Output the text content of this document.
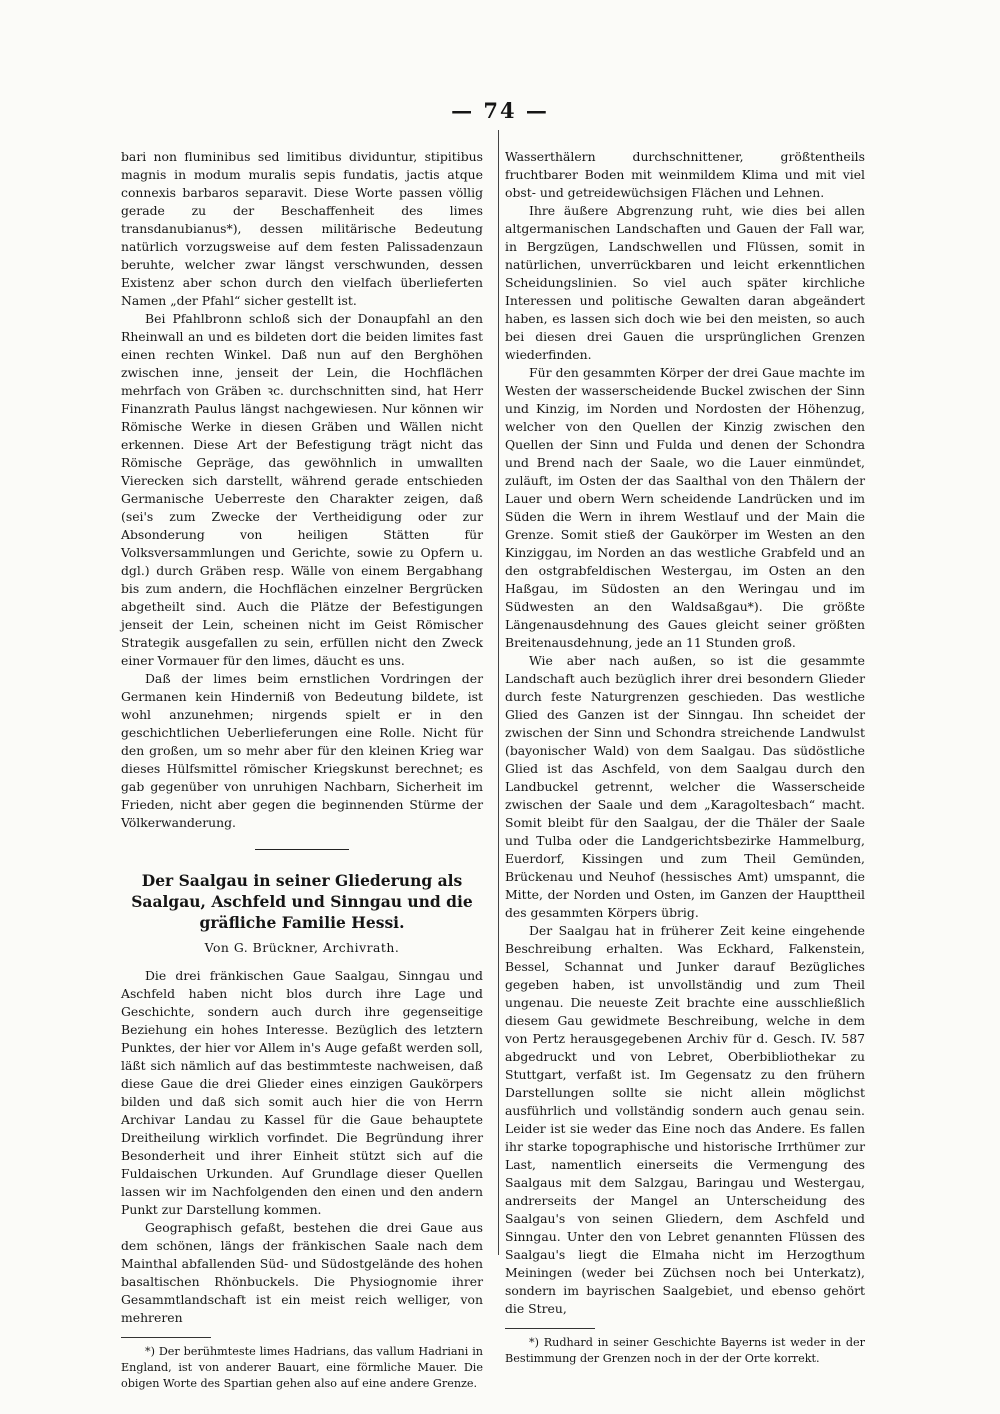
— 74 —

bari non fluminibus sed limitibus dividuntur, stipitibus magnis in modum muralis sepis fundatis, jactis atque connexis barbaros separavit. Diese Worte passen völlig gerade zu der Beschaffenheit des limes transdanubianus*), dessen militärische Bedeutung natürlich vorzugsweise auf dem festen Palissadenzaun beruhte, welcher zwar längst verschwunden, dessen Existenz aber schon durch den vielfach überlieferten Namen „der Pfahl“ sicher gestellt ist.

Bei Pfahlbronn schloß sich der Donaupfahl an den Rheinwall an und es bildeten dort die beiden limites fast einen rechten Winkel. Daß nun auf den Berghöhen zwischen inne, jenseit der Lein, die Hochflächen mehrfach von Gräben ꝛc. durchschnitten sind, hat Herr Finanzrath Paulus längst nachgewiesen. Nur können wir Römische Werke in diesen Gräben und Wällen nicht erkennen. Diese Art der Befestigung trägt nicht das Römische Gepräge, das gewöhnlich in umwallten Vierecken sich darstellt, während gerade entschieden Germanische Ueberreste den Charakter zeigen, daß (sei's zum Zwecke der Vertheidigung oder zur Absonderung von heiligen Stätten für Volksversammlungen und Gerichte, sowie zu Opfern u. dgl.) durch Gräben resp. Wälle von einem Bergabhang bis zum andern, die Hochflächen einzelner Bergrücken abgetheilt sind. Auch die Plätze der Befestigungen jenseit der Lein, scheinen nicht im Geist Römischer Strategik ausgefallen zu sein, erfüllen nicht den Zweck einer Vormauer für den limes, däucht es uns.

Daß der limes beim ernstlichen Vordringen der Germanen kein Hinderniß von Bedeutung bildete, ist wohl anzunehmen; nirgends spielt er in den geschichtlichen Ueberlieferungen eine Rolle. Nicht für den großen, um so mehr aber für den kleinen Krieg war dieses Hülfsmittel römischer Kriegskunst berechnet; es gab gegenüber von unruhigen Nachbarn, Sicherheit im Frieden, nicht aber gegen die beginnenden Stürme der Völkerwanderung.

Der Saalgau in seiner Gliederung als Saalgau, Aschfeld und Sinngau und die gräfliche Familie Hessi.
Von G. Brückner, Archivrath.

Die drei fränkischen Gaue Saalgau, Sinngau und Aschfeld haben nicht blos durch ihre Lage und Geschichte, sondern auch durch ihre gegenseitige Beziehung ein hohes Interesse. Bezüglich des letztern Punktes, der hier vor Allem in's Auge gefaßt werden soll, läßt sich nämlich auf das bestimmteste nachweisen, daß diese Gaue die drei Glieder eines einzigen Gaukörpers bilden und daß sich somit auch hier die von Herrn Archivar Landau zu Kassel für die Gaue behauptete Dreitheilung wirklich vorfindet. Die Begründung ihrer Besonderheit und ihrer Einheit stützt sich auf die Fuldaischen Urkunden. Auf Grundlage dieser Quellen lassen wir im Nachfolgenden den einen und den andern Punkt zur Darstellung kommen.

Geographisch gefaßt, bestehen die drei Gaue aus dem schönen, längs der fränkischen Saale nach dem Mainthal abfallenden Süd- und Südostgelände des hohen basaltischen Rhönbuckels. Die Physiognomie ihrer Gesammtlandschaft ist ein meist reich welliger, von mehreren

*) Der berühmteste limes Hadrians, das vallum Hadriani in England, ist von anderer Bauart, eine förmliche Mauer. Die obigen Worte des Spartian gehen also auf eine andere Grenze.

Wasserthälern durchschnittener, größtentheils fruchtbarer Boden mit weinmildem Klima und mit viel obst- und getreidewüchsigen Flächen und Lehnen.

Ihre äußere Abgrenzung ruht, wie dies bei allen altgermanischen Landschaften und Gauen der Fall war, in Bergzügen, Landschwellen und Flüssen, somit in natürlichen, unverrückbaren und leicht erkenntlichen Scheidungslinien. So viel auch später kirchliche Interessen und politische Gewalten daran abgeändert haben, es lassen sich doch wie bei den meisten, so auch bei diesen drei Gauen die ursprünglichen Grenzen wiederfinden.

Für den gesammten Körper der drei Gaue machte im Westen der wasserscheidende Buckel zwischen der Sinn und Kinzig, im Norden und Nordosten der Höhenzug, welcher von den Quellen der Kinzig zwischen den Quellen der Sinn und Fulda und denen der Schondra und Brend nach der Saale, wo die Lauer einmündet, zuläuft, im Osten der das Saalthal von den Thälern der Lauer und obern Wern scheidende Landrücken und im Süden die Wern in ihrem Westlauf und der Main die Grenze. Somit stieß der Gaukörper im Westen an den Kinziggau, im Norden an das westliche Grabfeld und an den ostgrabfeldischen Westergau, im Osten an den Haßgau, im Südosten an den Weringau und im Südwesten an den Waldsaßgau*). Die größte Längenausdehnung des Gaues gleicht seiner größten Breitenausdehnung, jede an 11 Stunden groß.

Wie aber nach außen, so ist die gesammte Landschaft auch bezüglich ihrer drei besondern Glieder durch feste Naturgrenzen geschieden. Das westliche Glied des Ganzen ist der Sinngau. Ihn scheidet der zwischen der Sinn und Schondra streichende Landwulst (bayonischer Wald) von dem Saalgau. Das südöstliche Glied ist das Aschfeld, von dem Saalgau durch den Landbuckel getrennt, welcher die Wasserscheide zwischen der Saale und dem „Karagoltesbach“ macht. Somit bleibt für den Saalgau, der die Thäler der Saale und Tulba oder die Landgerichtsbezirke Hammelburg, Euerdorf, Kissingen und zum Theil Gemünden, Brückenau und Neuhof (hessisches Amt) umspannt, die Mitte, der Norden und Osten, im Ganzen der Haupttheil des gesammten Körpers übrig.

Der Saalgau hat in früherer Zeit keine eingehende Beschreibung erhalten. Was Eckhard, Falkenstein, Bessel, Schannat und Junker darauf Bezügliches gegeben haben, ist unvollständig und zum Theil ungenau. Die neueste Zeit brachte eine ausschließlich diesem Gau gewidmete Beschreibung, welche in dem von Pertz herausgegebenen Archiv für d. Gesch. IV. 587 abgedruckt und von Lebret, Oberbibliothekar zu Stuttgart, verfaßt ist. Im Gegensatz zu den frühern Darstellungen sollte sie nicht allein möglichst ausführlich und vollständig sondern auch genau sein. Leider ist sie weder das Eine noch das Andere. Es fallen ihr starke topographische und historische Irrthümer zur Last, namentlich einerseits die Vermengung des Saalgaus mit dem Salzgau, Baringau und Westergau, andrerseits der Mangel an Unterscheidung des Saalgau's von seinen Gliedern, dem Aschfeld und Sinngau. Unter den von Lebret genannten Flüssen des Saalgau's liegt die Elmaha nicht im Herzogthum Meiningen (weder bei Züchsen noch bei Unterkatz), sondern im bayrischen Saalgebiet, und ebenso gehört die Streu,

*) Rudhard in seiner Geschichte Bayerns ist weder in der Bestimmung der Grenzen noch in der der Orte korrekt.
